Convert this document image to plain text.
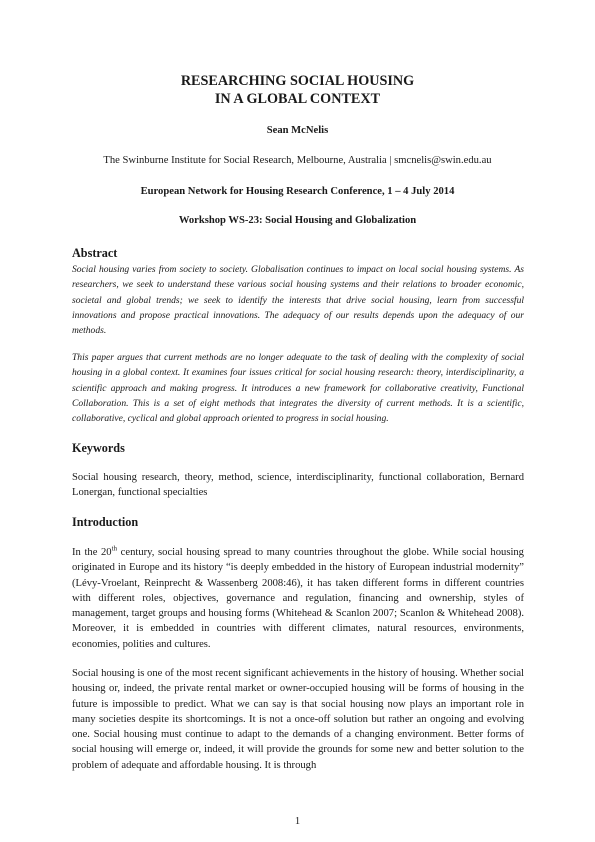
RESEARCHING SOCIAL HOUSING
IN A GLOBAL CONTEXT
Sean McNelis
The Swinburne Institute for Social Research, Melbourne, Australia | smcnelis@swin.edu.au
European Network for Housing Research Conference, 1 – 4 July 2014
Workshop WS-23: Social Housing and Globalization
Abstract
Social housing varies from society to society. Globalisation continues to impact on local social housing systems. As researchers, we seek to understand these various social housing systems and their relations to broader economic, societal and global trends; we seek to identify the interests that drive social housing, learn from successful innovations and propose practical innovations. The adequacy of our results depends upon the adequacy of our methods.
This paper argues that current methods are no longer adequate to the task of dealing with the complexity of social housing in a global context. It examines four issues critical for social housing research: theory, interdisciplinarity, a scientific approach and making progress. It introduces a new framework for collaborative creativity, Functional Collaboration. This is a set of eight methods that integrates the diversity of current methods. It is a scientific, collaborative, cyclical and global approach oriented to progress in social housing.
Keywords
Social housing research, theory, method, science, interdisciplinarity, functional collaboration, Bernard Lonergan, functional specialties
Introduction
In the 20th century, social housing spread to many countries throughout the globe. While social housing originated in Europe and its history “is deeply embedded in the history of European industrial modernity” (Lévy-Vroelant, Reinprecht & Wassenberg 2008:46), it has taken different forms in different countries with different roles, objectives, governance and regulation, financing and ownership, styles of management, target groups and housing forms (Whitehead & Scanlon 2007; Scanlon & Whitehead 2008). Moreover, it is embedded in countries with different climates, natural resources, environments, economies, polities and cultures.
Social housing is one of the most recent significant achievements in the history of housing. Whether social housing or, indeed, the private rental market or owner-occupied housing will be forms of housing in the future is impossible to predict. What we can say is that social housing now plays an important role in many societies despite its shortcomings. It is not a once-off solution but rather an ongoing and evolving one. Social housing must continue to adapt to the demands of a changing environment. Better forms of social housing will emerge or, indeed, it will provide the grounds for some new and better solution to the problem of adequate and affordable housing. It is through
1
